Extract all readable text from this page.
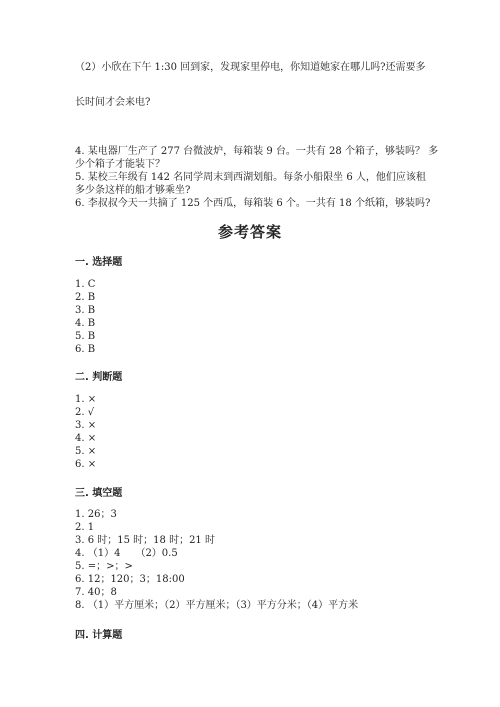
（2）小欣在下午 1:30 回到家，发现家里停电，你知道她家在哪儿吗?还需要多
长时间才会来电?
4. 某电器厂生产了 277 台微波炉，每箱装 9 台。一共有 28 个箱子，够装吗？ 多
少个箱子才能装下？
5. 某校三年级有 142 名同学周末到西湖划船。每条小船限坐 6 人，他们应该租
多少条这样的船才够乘坐?
6. 李叔叔今天一共摘了 125 个西瓜，每箱装 6 个。一共有 18 个纸箱，够装吗?
参考答案
一. 选择题
1. C
2. B
3. B
4. B
5. B
6. B
二. 判断题
1. ×
2. √
3. ×
4. ×
5. ×
6. ×
三. 填空题
1. 26；3
2. 1
3. 6 时；15 时；18 时；21 时
4. （1）4　　（2）0.5
5. =；>；>
6. 12；120；3；18:00
7. 40；8
8. （1）平方厘米；（2）平方厘米；（3）平方分米；（4）平方米
四. 计算题
